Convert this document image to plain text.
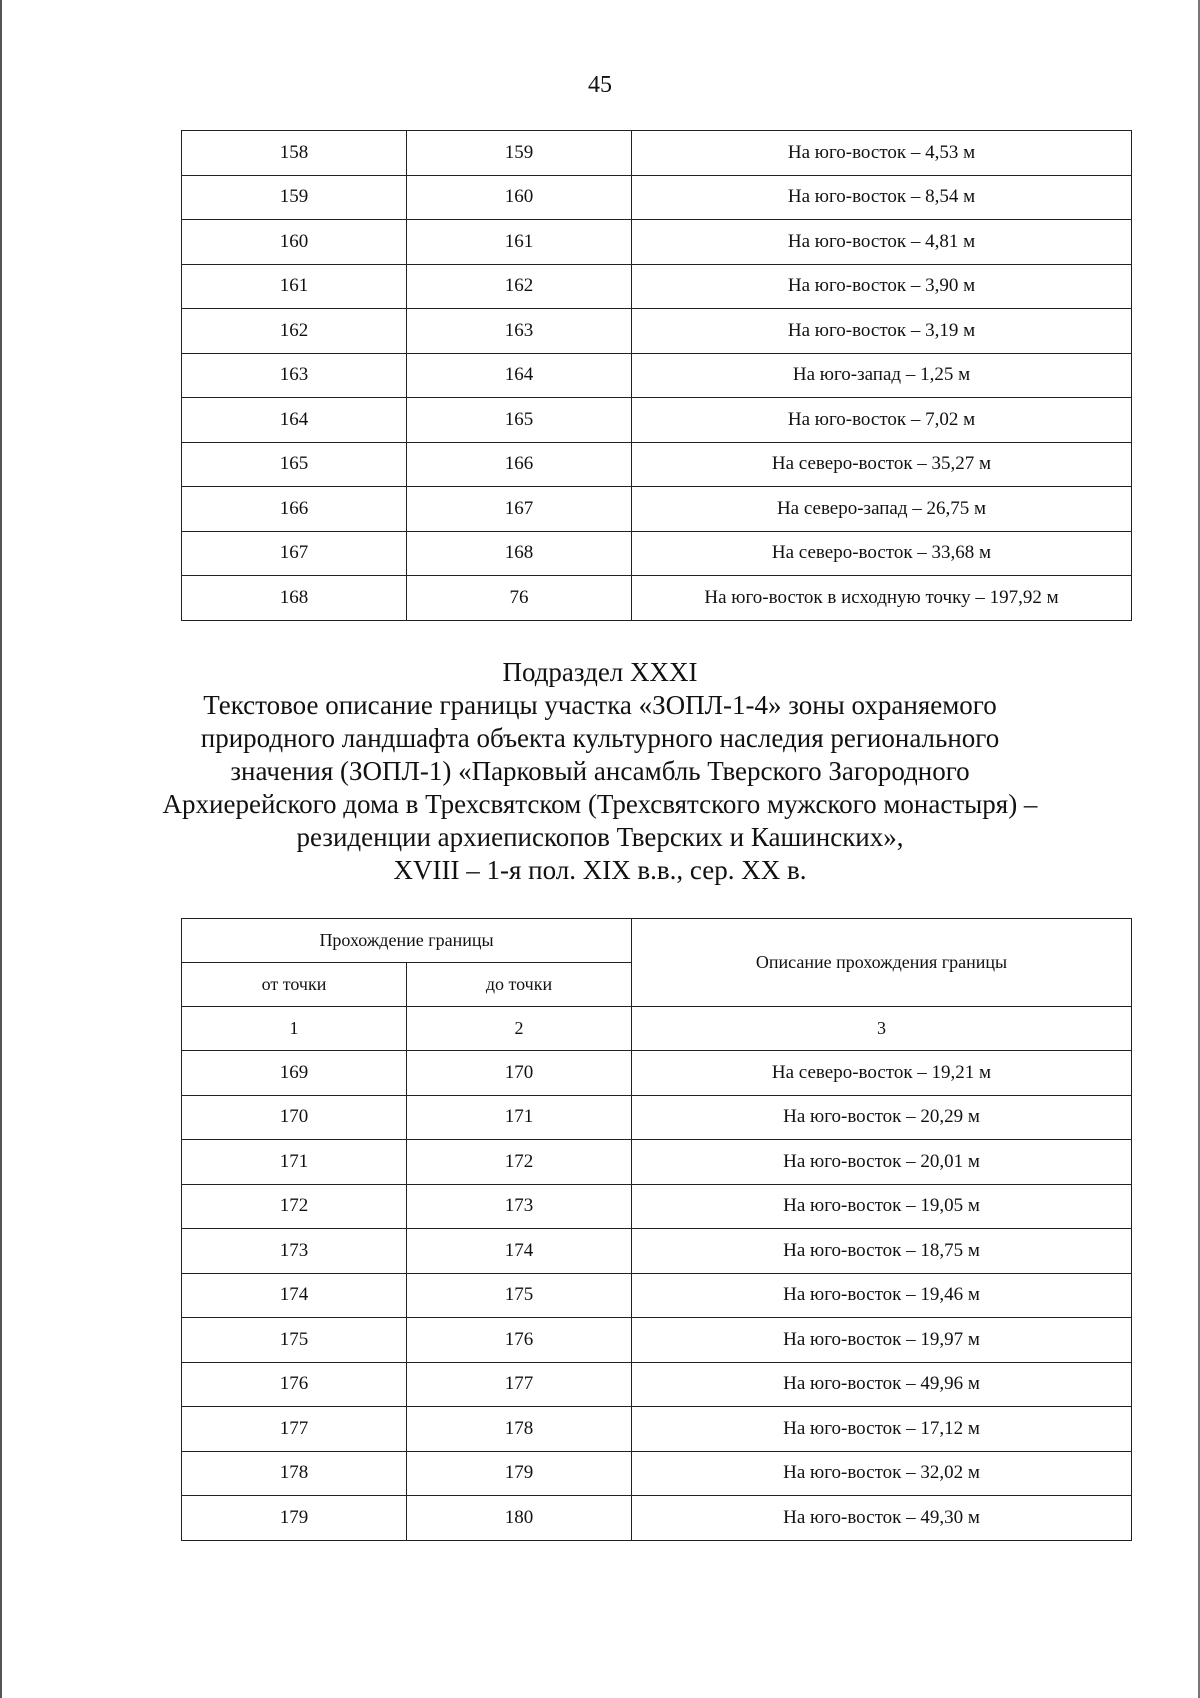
45
158	159	На юго-восток – 4,53 м
159	160	На юго-восток – 8,54 м
160	161	На юго-восток – 4,81 м
161	162	На юго-восток – 3,90 м
162	163	На юго-восток – 3,19 м
163	164	На юго-запад – 1,25 м
164	165	На юго-восток – 7,02 м
165	166	На северо-восток – 35,27 м
166	167	На северо-запад – 26,75 м
167	168	На северо-восток – 33,68 м
168	76	На юго-восток в исходную точку – 197,92 м
Подраздел XXXI
Текстовое описание границы участка «ЗОПЛ-1-4» зоны охраняемого
природного ландшафта объекта культурного наследия регионального
значения (ЗОПЛ-1) «Парковый ансамбль Тверского Загородного
Архиерейского дома в Трехсвятском (Трехсвятского мужского монастыря) –
резиденции архиепископов Тверских и Кашинских»,
XVIII – 1-я пол. XIX в.в., сер. XX в.
Прохождение границы		Описание прохождения границы
от точки	до точки	
1	2	3
169	170	На северо-восток – 19,21 м
170	171	На юго-восток – 20,29 м
171	172	На юго-восток – 20,01 м
172	173	На юго-восток – 19,05 м
173	174	На юго-восток – 18,75 м
174	175	На юго-восток – 19,46 м
175	176	На юго-восток – 19,97 м
176	177	На юго-восток – 49,96 м
177	178	На юго-восток – 17,12 м
178	179	На юго-восток – 32,02 м
179	180	На юго-восток – 49,30 м
